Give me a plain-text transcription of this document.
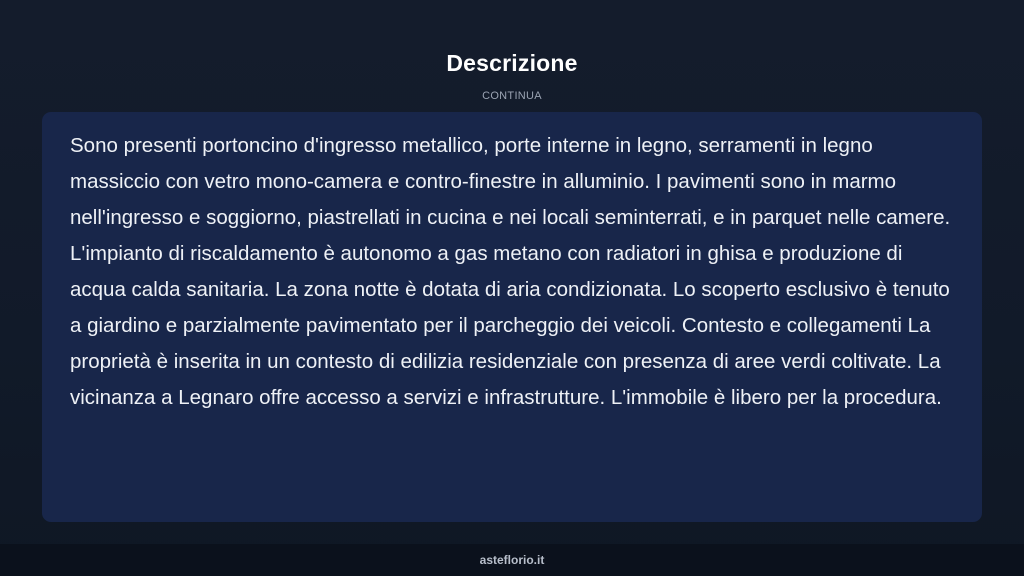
Descrizione
CONTINUA

Sono presenti portoncino d'ingresso metallico, porte interne in legno, serramenti in legno massiccio con vetro mono-camera e contro-finestre in alluminio. I pavimenti sono in marmo nell'ingresso e soggiorno, piastrellati in cucina e nei locali seminterrati, e in parquet nelle camere. L'impianto di riscaldamento è autonomo a gas metano con radiatori in ghisa e produzione di acqua calda sanitaria. La zona notte è dotata di aria condizionata. Lo scoperto esclusivo è tenuto a giardino e parzialmente pavimentato per il parcheggio dei veicoli. Contesto e collegamenti La proprietà è inserita in un contesto di edilizia residenziale con presenza di aree verdi coltivate. La vicinanza a Legnaro offre accesso a servizi e infrastrutture. L'immobile è libero per la procedura.

asteflorio.it
